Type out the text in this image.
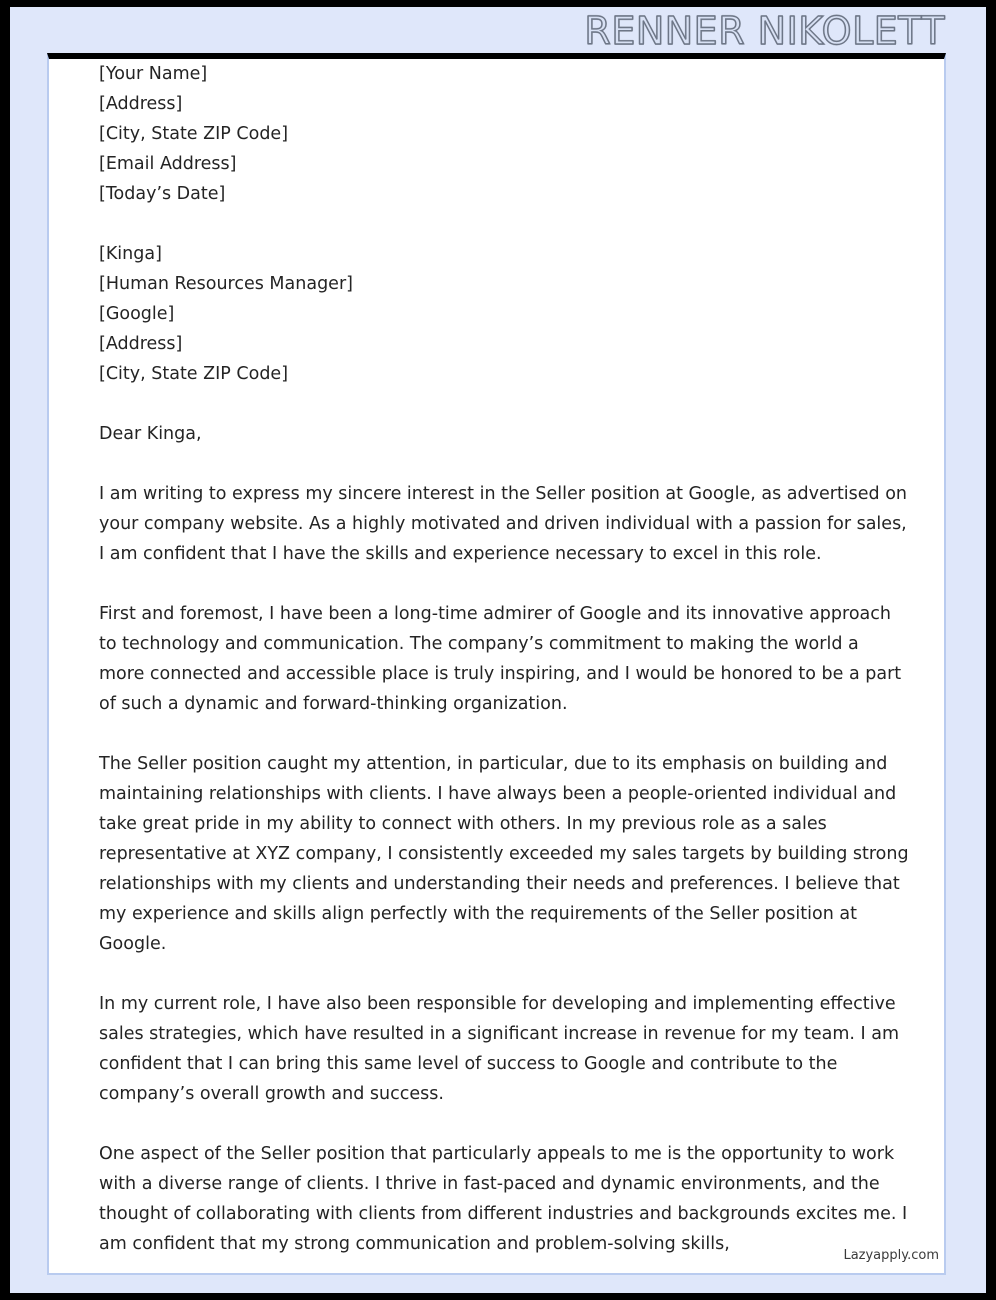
RENNER NIKOLETT
[Your Name]
[Address]
[City, State ZIP Code]
[Email Address]
[Today’s Date]
[Kinga]
[Human Resources Manager]
[Google]
[Address]
[City, State ZIP Code]
Dear Kinga,

I am writing to express my sincere interest in the Seller position at Google, as advertised on your company website. As a highly motivated and driven individual with a passion for sales, I am confident that I have the skills and experience necessary to excel in this role.

First and foremost, I have been a long-time admirer of Google and its innovative approach to technology and communication. The company’s commitment to making the world a more connected and accessible place is truly inspiring, and I would be honored to be a part of such a dynamic and forward-thinking organization.

The Seller position caught my attention, in particular, due to its emphasis on building and maintaining relationships with clients. I have always been a people-oriented individual and take great pride in my ability to connect with others. In my previous role as a sales representative at XYZ company, I consistently exceeded my sales targets by building strong relationships with my clients and understanding their needs and preferences. I believe that my experience and skills align perfectly with the requirements of the Seller position at Google.

In my current role, I have also been responsible for developing and implementing effective sales strategies, which have resulted in a significant increase in revenue for my team. I am confident that I can bring this same level of success to Google and contribute to the company’s overall growth and success.

One aspect of the Seller position that particularly appeals to me is the opportunity to work with a diverse range of clients. I thrive in fast-paced and dynamic environments, and the thought of collaborating with clients from different industries and backgrounds excites me. I am confident that my strong communication and problem-solving skills,

Lazyapply.com
